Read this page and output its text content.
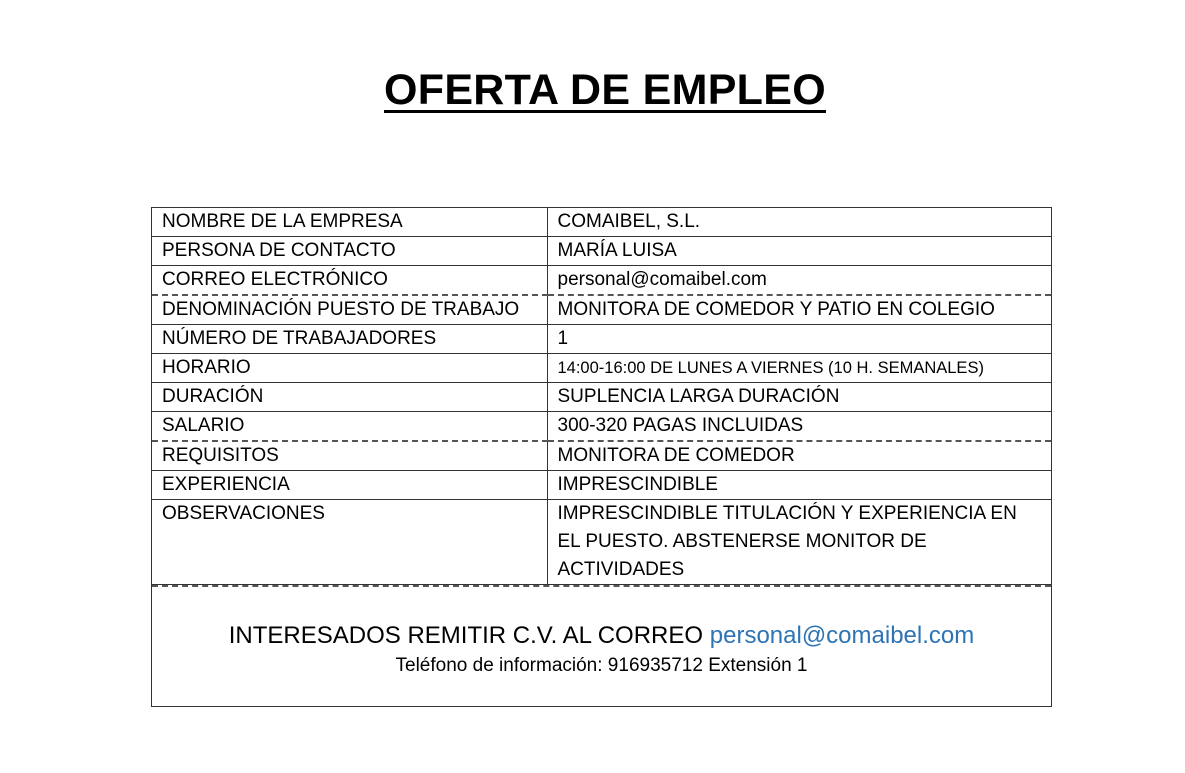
OFERTA DE EMPLEO
NOMBRE DE LA EMPRESA	COMAIBEL, S.L.
PERSONA DE CONTACTO	MARÍA LUISA
CORREO ELECTRÓNICO	personal@comaibel.com
DENOMINACIÓN PUESTO DE TRABAJO	MONITORA DE COMEDOR Y PATIO EN COLEGIO
NÚMERO DE TRABAJADORES	1
HORARIO	14:00-16:00 DE LUNES A VIERNES (10 H. SEMANALES)
DURACIÓN	SUPLENCIA LARGA DURACIÓN
SALARIO	300-320 PAGAS INCLUIDAS
REQUISITOS	MONITORA DE COMEDOR
EXPERIENCIA	IMPRESCINDIBLE
OBSERVACIONES	IMPRESCINDIBLE TITULACIÓN Y EXPERIENCIA EN EL PUESTO. ABSTENERSE MONITOR DE ACTIVIDADES
INTERESADOS REMITIR C.V. AL CORREO personal@comaibel.com
Teléfono de información: 916935712 Extensión 1
